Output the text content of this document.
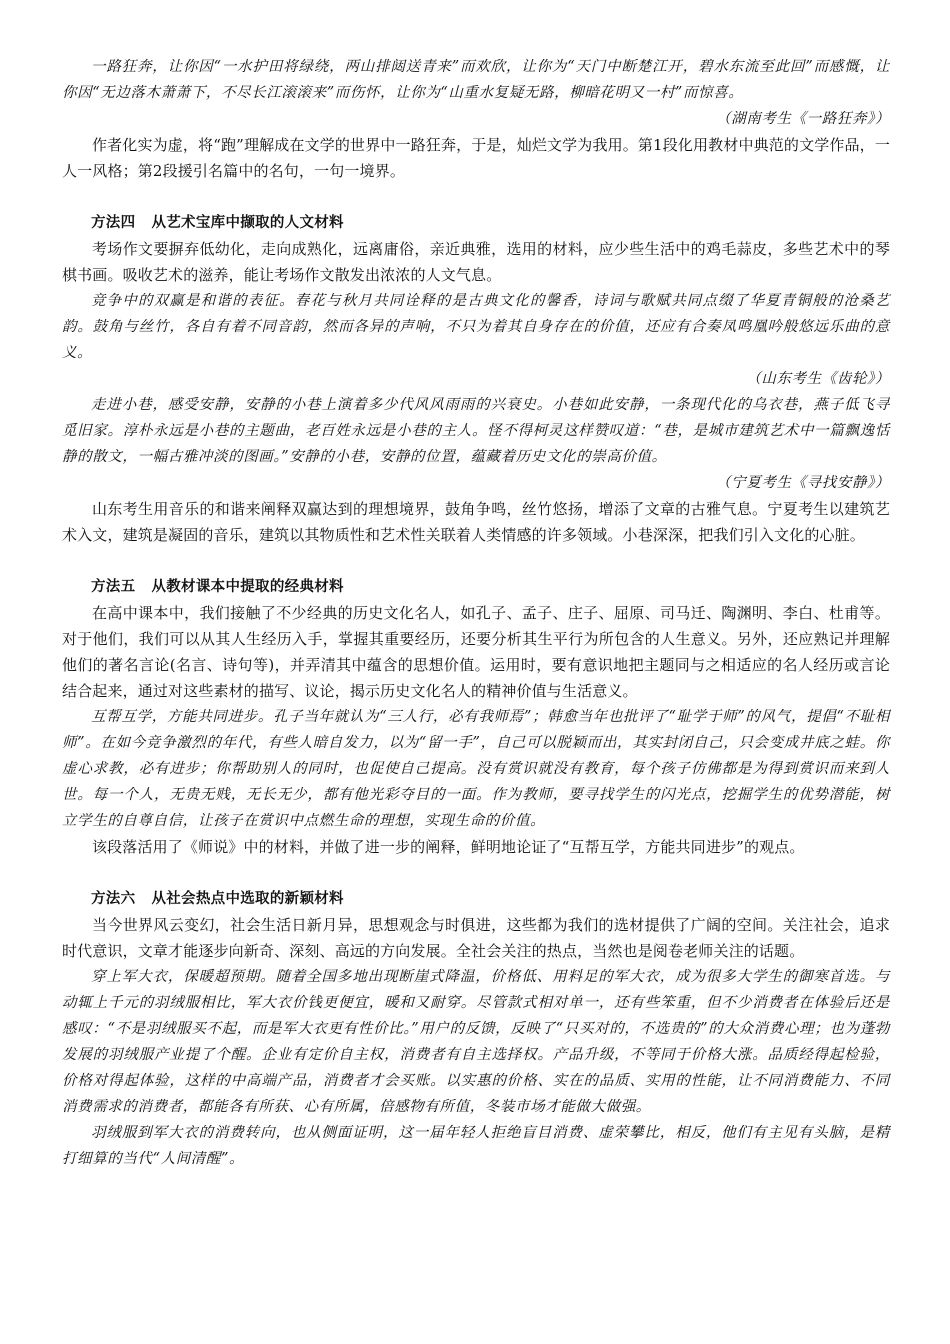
一路狂奔，让你因“一水护田将绿绕，两山排闼送青来”而欢欣，让你为“天门中断楚江开，碧水东流至此回”而感慨，让你因“无边落木萧萧下，不尽长江滚滚来”而伤怀，让你为“山重水复疑无路，柳暗花明又一村”而惊喜。

（湖南考生《一路狂奔》）

作者化实为虚，将“跑”理解成在文学的世界中一路狂奔，于是，灿烂文学为我用。第1段化用教材中典范的文学作品，一人一风格；第2段援引名篇中的名句，一句一境界。

方法四 从艺术宝库中撷取的人文材料

考场作文要摒弃低幼化，走向成熟化，远离庸俗，亲近典雅，选用的材料，应少些生活中的鸡毛蒜皮，多些艺术中的琴棋书画。吸收艺术的滋养，能让考场作文散发出浓浓的人文气息。

竞争中的双赢是和谐的表征。春花与秋月共同诠释的是古典文化的馨香，诗词与歌赋共同点缀了华夏青铜般的沧桑艺韵。鼓角与丝竹，各自有着不同音韵，然而各异的声响，不只为着其自身存在的价值，还应有合奏凤鸣凰吟般悠远乐曲的意义。

（山东考生《齿轮》）

走进小巷，感受安静，安静的小巷上演着多少代风风雨雨的兴衰史。小巷如此安静，一条现代化的乌衣巷，燕子低飞寻觅旧家。淳朴永远是小巷的主题曲，老百姓永远是小巷的主人。怪不得柯灵这样赞叹道：“巷，是城市建筑艺术中一篇飘逸恬静的散文，一幅古雅冲淡的图画。”安静的小巷，安静的位置，蕴藏着历史文化的崇高价值。

（宁夏考生《寻找安静》）

山东考生用音乐的和谐来阐释双赢达到的理想境界，鼓角争鸣，丝竹悠扬，增添了文章的古雅气息。宁夏考生以建筑艺术入文，建筑是凝固的音乐，建筑以其物质性和艺术性关联着人类情感的许多领域。小巷深深，把我们引入文化的心脏。

方法五 从教材课本中提取的经典材料

在高中课本中，我们接触了不少经典的历史文化名人，如孔子、孟子、庄子、屈原、司马迁、陶渊明、李白、杜甫等。对于他们，我们可以从其人生经历入手，掌握其重要经历，还要分析其生平行为所包含的人生意义。另外，还应熟记并理解他们的著名言论(名言、诗句等)，并弄清其中蕴含的思想价值。运用时，要有意识地把主题同与之相适应的名人经历或言论结合起来，通过对这些素材的描写、议论，揭示历史文化名人的精神价值与生活意义。

互帮互学，方能共同进步。孔子当年就认为“三人行，必有我师焉”；韩愈当年也批评了“耻学于师”的风气，提倡“不耻相师”。在如今竞争激烈的年代，有些人暗自发力，以为“留一手”，自己可以脱颖而出，其实封闭自己，只会变成井底之蛙。你虚心求教，必有进步；你帮助别人的同时，也促使自己提高。没有赏识就没有教育，每个孩子仿佛都是为得到赏识而来到人世。每一个人，无贵无贱，无长无少，都有他光彩夺目的一面。作为教师，要寻找学生的闪光点，挖掘学生的优势潜能，树立学生的自尊自信，让孩子在赏识中点燃生命的理想，实现生命的价值。

该段落活用了《师说》中的材料，并做了进一步的阐释，鲜明地论证了“互帮互学，方能共同进步”的观点。

方法六 从社会热点中选取的新颖材料

当今世界风云变幻，社会生活日新月异，思想观念与时俱进，这些都为我们的选材提供了广阔的空间。关注社会，追求时代意识，文章才能逐步向新奇、深刻、高远的方向发展。全社会关注的热点，当然也是阅卷老师关注的话题。

穿上军大衣，保暖超预期。随着全国多地出现断崖式降温，价格低、用料足的军大衣，成为很多大学生的御寒首选。与动辄上千元的羽绒服相比，军大衣价钱更便宜，暖和又耐穿。尽管款式相对单一，还有些笨重，但不少消费者在体验后还是感叹：“不是羽绒服买不起，而是军大衣更有性价比。”用户的反馈，反映了“只买对的，不选贵的”的大众消费心理；也为蓬勃发展的羽绒服产业提了个醒。企业有定价自主权，消费者有自主选择权。产品升级，不等同于价格大涨。品质经得起检验，价格对得起体验，这样的中高端产品，消费者才会买账。以实惠的价格、实在的品质、实用的性能，让不同消费能力、不同消费需求的消费者，都能各有所获、心有所属，倍感物有所值，冬装市场才能做大做强。

羽绒服到军大衣的消费转向，也从侧面证明，这一届年轻人拒绝盲目消费、虚荣攀比，相反，他们有主见有头脑，是精打细算的当代“人间清醒”。
